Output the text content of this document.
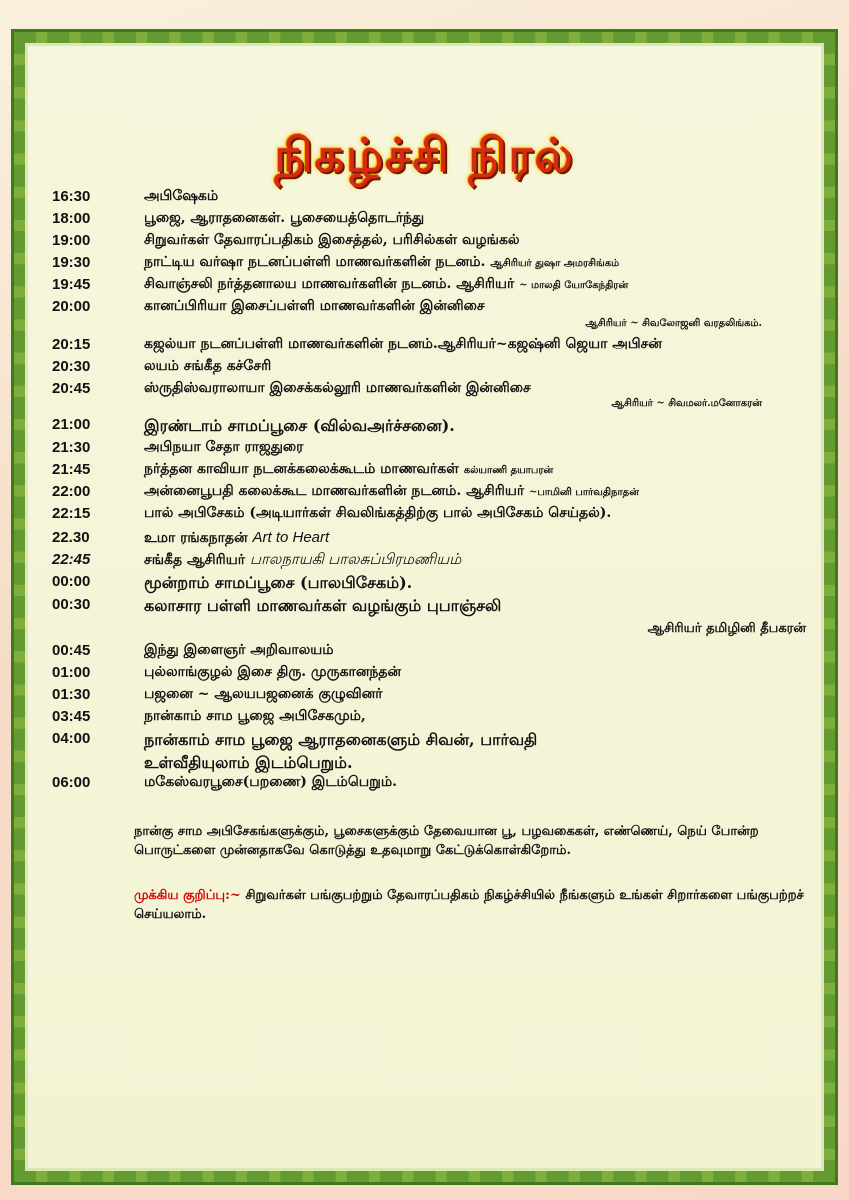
நிகழ்ச்சி நிரல்
16:30	அபிஷேகம்
18:00	பூஜை, ஆராதனைகள். பூசையைத்தொடர்ந்து
19:00	சிறுவர்கள் தேவாரப்பதிகம் இசைத்தல், பரிசில்கள் வழங்கல்
19:30	நாட்டிய வர்ஷா நடனப்பள்ளி மாணவர்களின் நடனம். ஆசிரியர் துஷா அமரசிங்கம்
19:45	சிவாஞ்சலி நர்த்தனாலய மாணவர்களின் நடனம். ஆசிரியர் ~ மாலதி யோகேந்திரன்
20:00	கானப்பிரியா இசைப்பள்ளி மாணவர்களின் இன்னிசை
ஆசிரியர் ~ சிவலோஜனி வரதலிங்கம்.
20:15	கஜல்யா நடனப்பள்ளி மாணவர்களின் நடனம்.ஆசிரியர்~கஜஷ்னி ஜெயா அபிசன்
20:30	லயம் சங்கீத கச்சேரி
20:45	ஸ்ருதிஸ்வராலாயா இசைக்கல்லூரி மாணவர்களின் இன்னிசை
ஆசிரியர் ~ சிவமலர்.மனோகரன்
21:00	இரண்டாம் சாமப்பூசை (வில்வஅர்ச்சனை).
21:30	அபிநயா சேதா ராஜதுரை
21:45	நர்த்தன காவியா நடனக்கலைக்கூடம் மாணவர்கள் கல்யாணி தயாபரன்
22:00	அன்னைபூபதி கலைக்கூட மாணவர்களின் நடனம். ஆசிரியர் ~பாமினி பார்வதிநாதன்
22:15	பால் அபிசேகம் (அடியார்கள் சிவலிங்கத்திற்கு பால் அபிசேகம் செய்தல்).
22.30	உமா ரங்கநாதன் Art to Heart
22:45	சங்கீத ஆசிரியர் பாலநாயகி பாலசுப்பிரமணியம்
00:00	மூன்றாம் சாமப்பூசை (பாலபிசேகம்).
00:30	கலாசார பள்ளி மாணவர்கள் வழங்கும் புபாஞ்சலி
ஆசிரியர் தமிழினி தீபகரன்
00:45	இந்து இளைஞர் அறிவாலயம்
01:00	புல்லாங்குழல் இசை திரு. முருகானந்தன்
01:30	பஜனை ~ ஆலயபஜனைக் குழுவினர்
03:45	நான்காம் சாம பூஜை அபிசேகமும்,
04:00	நான்காம் சாம பூஜை ஆராதனைகளும் சிவன், பார்வதி
உள்வீதியுலாம் இடம்பெறும்.
06:00	மகேஸ்வரபூசை(பறணை) இடம்பெறும்.
நான்கு சாம அபிசேகங்களுக்கும், பூசைகளுக்கும் தேவையான பூ, பழவகைகள், எண்ணெய், நெய் போன்ற பொருட்களை முன்னதாகவே கொடுத்து உதவுமாறு கேட்டுக்கொள்கிறோம்.
முக்கிய குறிப்பு:~ சிறுவர்கள் பங்குபற்றும் தேவாரப்பதிகம் நிகழ்ச்சியில் நீங்களும் உங்கள் சிறார்களை பங்குபற்றச் செய்யலாம்.
